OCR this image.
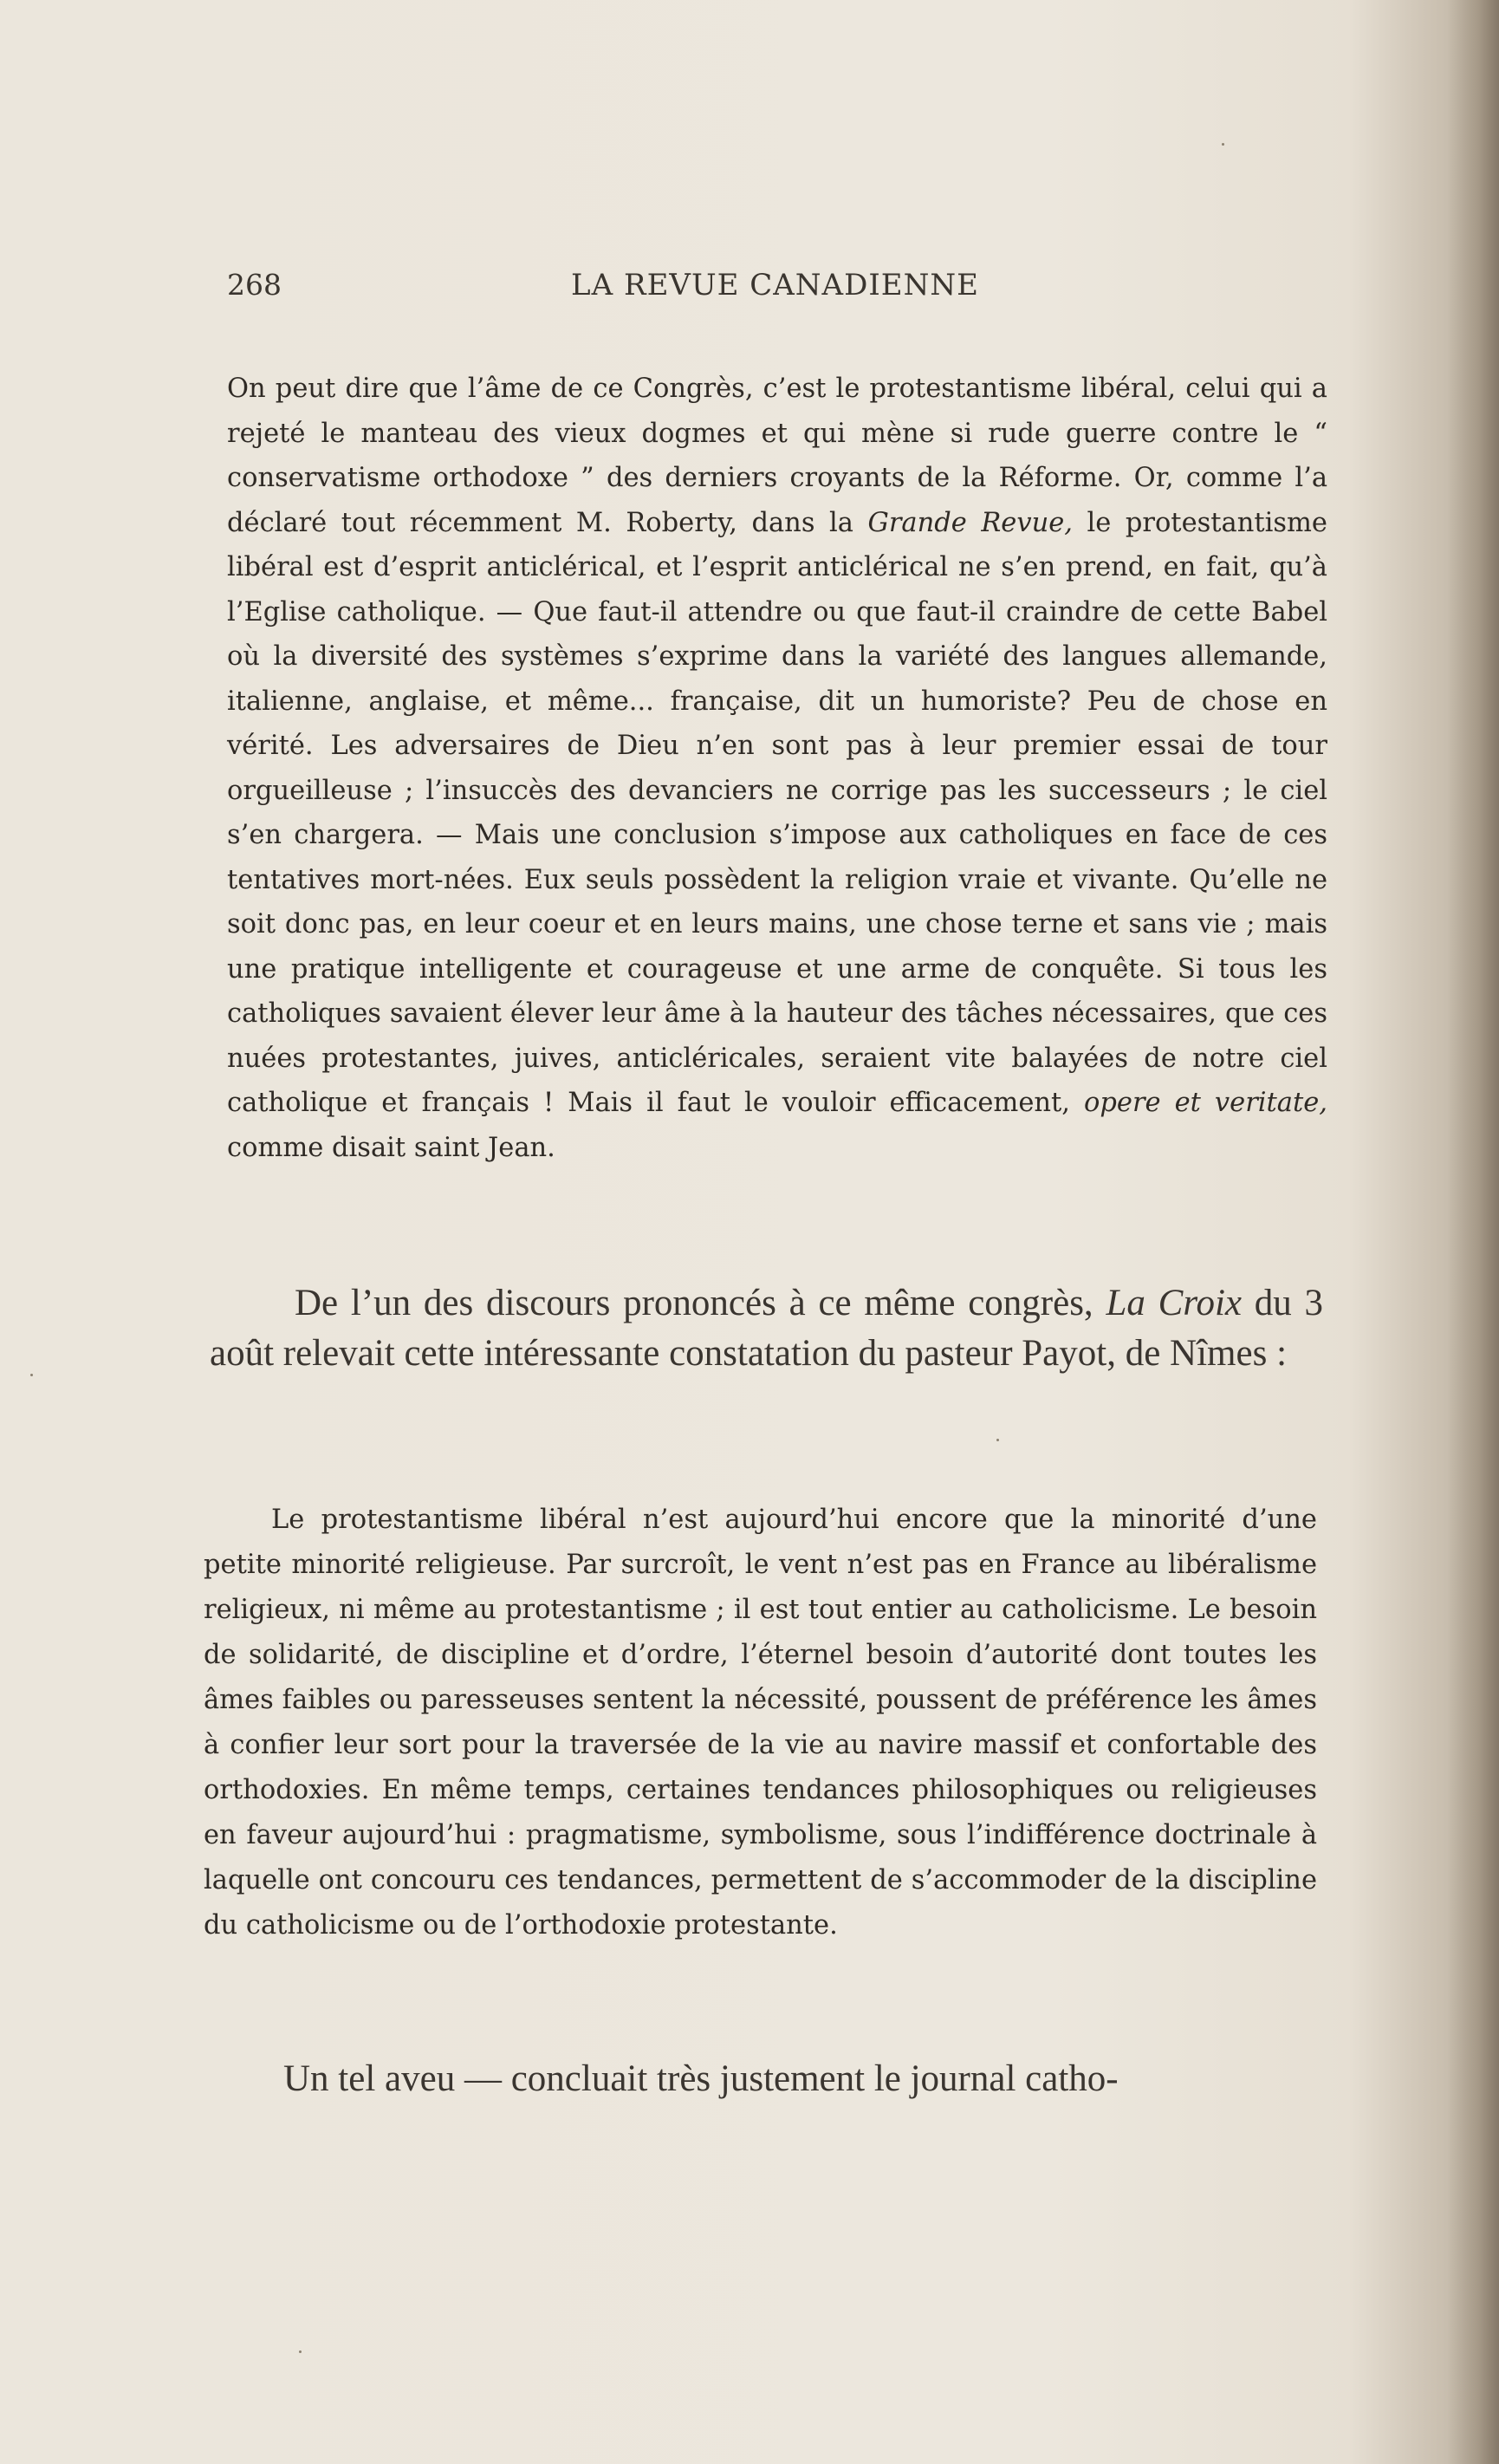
268	LA REVUE CANADIENNE

On peut dire que l’âme de ce Congrès, c’est le protestantisme libéral, celui qui a rejeté le manteau des vieux dogmes et qui mène si rude guerre contre le “ conservatisme orthodoxe ” des derniers croyants de la Réforme. Or, comme l’a déclaré tout récemment M. Roberty, dans la Grande Revue, le protestantisme libéral est d’esprit anticlérical, et l’esprit anticlérical ne s’en prend, en fait, qu’à l’Eglise catholique. — Que faut-il attendre ou que faut-il craindre de cette Babel où la diversité des systèmes s’exprime dans la variété des langues allemande, italienne, anglaise, et même... française, dit un humoriste? Peu de chose en vérité. Les adversaires de Dieu n’en sont pas à leur premier essai de tour orgueilleuse ; l’insuccès des devanciers ne corrige pas les successeurs ; le ciel s’en chargera. — Mais une conclusion s’impose aux catholiques en face de ces tentatives mort-nées. Eux seuls possèdent la religion vraie et vivante. Qu’elle ne soit donc pas, en leur coeur et en leurs mains, une chose terne et sans vie ; mais une pratique intelligente et courageuse et une arme de conquête. Si tous les catholiques savaient élever leur âme à la hauteur des tâches nécessaires, que ces nuées protestantes, juives, anticléricales, seraient vite balayées de notre ciel catholique et français ! Mais il faut le vouloir efficacement, opere et veritate, comme disait saint Jean.

De l’un des discours prononcés à ce même congrès, La Croix du 3 août relevait cette intéressante constatation du pasteur Payot, de Nîmes :

Le protestantisme libéral n’est aujourd’hui encore que la minorité d’une petite minorité religieuse. Par surcroît, le vent n’est pas en France au libéralisme religieux, ni même au protestantisme ; il est tout entier au catholicisme. Le besoin de solidarité, de discipline et d’ordre, l’éternel besoin d’autorité dont toutes les âmes faibles ou paresseuses sentent la nécessité, poussent de préférence les âmes à confier leur sort pour la traversée de la vie au navire massif et confortable des orthodoxies. En même temps, certaines tendances philosophiques ou religieuses en faveur aujourd’hui : pragmatisme, symbolisme, sous l’indifférence doctrinale à laquelle ont concouru ces tendances, permettent de s’accommoder de la discipline du catholicisme ou de l’orthodoxie protestante.

Un tel aveu — concluait très justement le journal catho-
